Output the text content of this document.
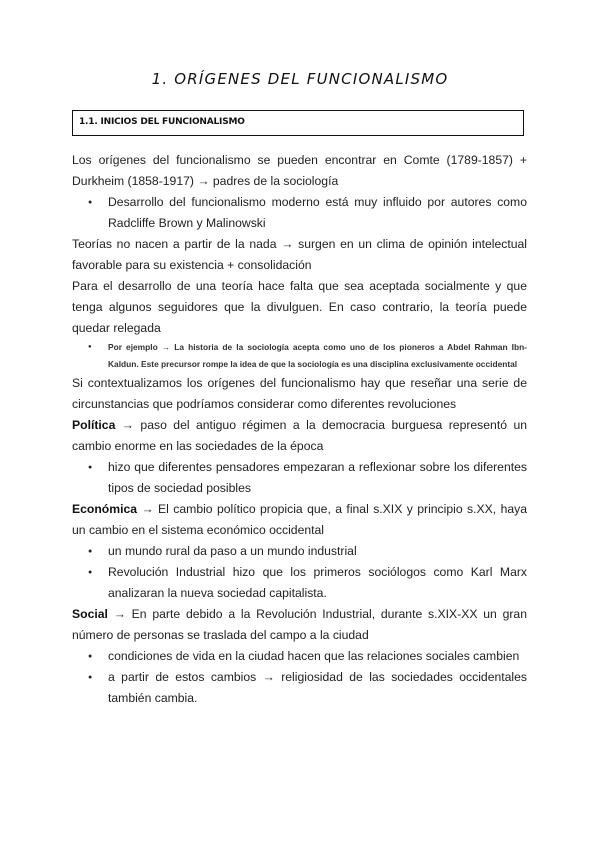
1. ORÍGENES DEL FUNCIONALISMO
1.1. INICIOS DEL FUNCIONALISMO

Los orígenes del funcionalismo se pueden encontrar en Comte (1789-1857) + Durkheim (1858-1917) → padres de la sociología

● Desarrollo del funcionalismo moderno está muy influido por autores como Radcliffe Brown y Malinowski

Teorías no nacen a partir de la nada → surgen en un clima de opinión intelectual favorable para su existencia + consolidación

Para el desarrollo de una teoría hace falta que sea aceptada socialmente y que tenga algunos seguidores que la divulguen. En caso contrario, la teoría puede quedar relegada

● Por ejemplo → La historia de la sociología acepta como uno de los pioneros a Abdel Rahman Ibn-Kaldun. Este precursor rompe la idea de que la sociología es una disciplina exclusivamente occidental

Si contextualizamos los orígenes del funcionalismo hay que reseñar una serie de circunstancias que podríamos considerar como diferentes revoluciones

Política → paso del antiguo régimen a la democracia burguesa representó un cambio enorme en las sociedades de la época

● hizo que diferentes pensadores empezaran a reflexionar sobre los diferentes tipos de sociedad posibles

Económica → El cambio político propicia que, a final s.XIX y principio s.XX, haya un cambio en el sistema económico occidental

● un mundo rural da paso a un mundo industrial
● Revolución Industrial hizo que los primeros sociólogos como Karl Marx analizaran la nueva sociedad capitalista.

Social → En parte debido a la Revolución Industrial, durante s.XIX-XX un gran número de personas se traslada del campo a la ciudad

● condiciones de vida en la ciudad hacen que las relaciones sociales cambien
● a partir de estos cambios → religiosidad de las sociedades occidentales también cambia.
